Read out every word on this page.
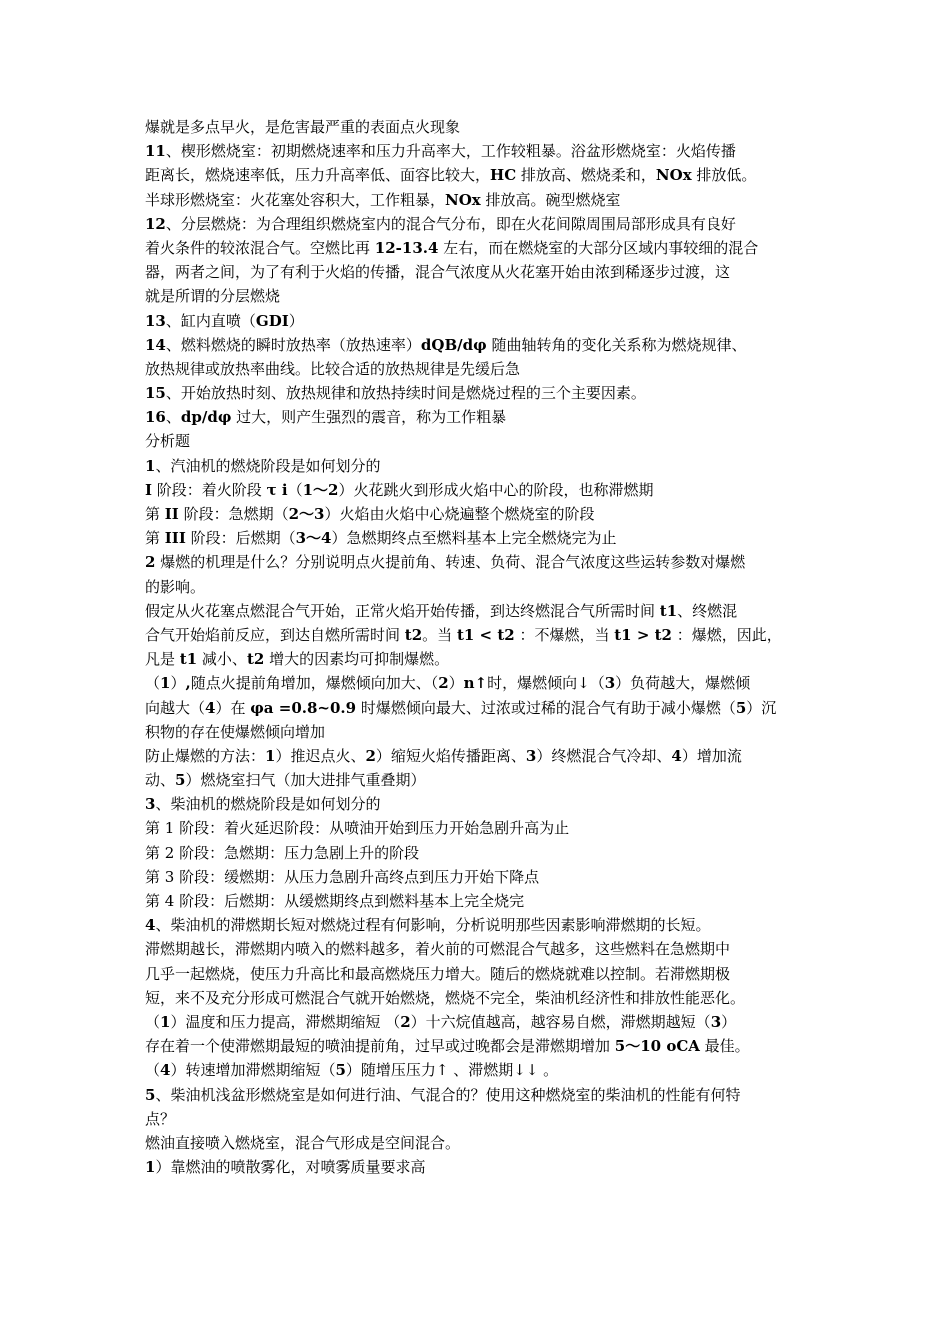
爆就是多点早火，是危害最严重的表面点火现象
11、楔形燃烧室：初期燃烧速率和压力升高率大，工作较粗暴。浴盆形燃烧室：火焰传播
距离长，燃烧速率低，压力升高率低、面容比较大，HC 排放高、燃烧柔和，NOx 排放低。
半球形燃烧室：火花塞处容积大，工作粗暴，NOx 排放高。碗型燃烧室
12、分层燃烧：为合理组织燃烧室内的混合气分布，即在火花间隙周围局部形成具有良好
着火条件的较浓混合气。空燃比再 12-13.4 左右，而在燃烧室的大部分区域内事较细的混合
器，两者之间，为了有利于火焰的传播，混合气浓度从火花塞开始由浓到稀逐步过渡，这
就是所谓的分层燃烧
13、缸内直喷（GDI）
14、燃料燃烧的瞬时放热率（放热速率）dQB/dφ 随曲轴转角的变化关系称为燃烧规律、
放热规律或放热率曲线。比较合适的放热规律是先缓后急
15、开始放热时刻、放热规律和放热持续时间是燃烧过程的三个主要因素。
16、dp/dφ 过大，则产生强烈的震音，称为工作粗暴
分析题
1、汽油机的燃烧阶段是如何划分的
I 阶段：着火阶段 τ i（1～2）火花跳火到形成火焰中心的阶段，也称滞燃期
第 II 阶段：急燃期（2～3）火焰由火焰中心烧遍整个燃烧室的阶段
第 III 阶段：后燃期（3～4）急燃期终点至燃料基本上完全燃烧完为止
2 爆燃的机理是什么？分别说明点火提前角、转速、负荷、混合气浓度这些运转参数对爆燃
的影响。
假定从火花塞点燃混合气开始，正常火焰开始传播，到达终燃混合气所需时间 t1、终燃混
合气开始焰前反应，到达自燃所需时间 t2。当 t1 < t2 ：不爆燃，当 t1 > t2 ：爆燃，因此，
凡是 t1 减小、t2 增大的因素均可抑制爆燃。
（1）,随点火提前角增加，爆燃倾向加大、（2）n↑时，爆燃倾向↓（3）负荷越大，爆燃倾
向越大（4）在 φa =0.8~0.9 时爆燃倾向最大、过浓或过稀的混合气有助于减小爆燃（5）沉
积物的存在使爆燃倾向增加
防止爆燃的方法：1）推迟点火、2）缩短火焰传播距离、3）终燃混合气冷却、4）增加流
动、5）燃烧室扫气（加大进排气重叠期）
3、柴油机的燃烧阶段是如何划分的
第 1 阶段：着火延迟阶段：从喷油开始到压力开始急剧升高为止
第 2 阶段：急燃期：压力急剧上升的阶段
第 3 阶段：缓燃期：从压力急剧升高终点到压力开始下降点
第 4 阶段：后燃期：从缓燃期终点到燃料基本上完全烧完
4、柴油机的滞燃期长短对燃烧过程有何影响，分析说明那些因素影响滞燃期的长短。
滞燃期越长，滞燃期内喷入的燃料越多，着火前的可燃混合气越多，这些燃料在急燃期中
几乎一起燃烧，使压力升高比和最高燃烧压力增大。随后的燃烧就难以控制。若滞燃期极
短，来不及充分形成可燃混合气就开始燃烧，燃烧不完全，柴油机经济性和排放性能恶化。
（1）温度和压力提高，滞燃期缩短 （2）十六烷值越高，越容易自燃，滞燃期越短（3）
存在着一个使滞燃期最短的喷油提前角，过早或过晚都会是滞燃期增加 5～10 oCA 最佳。
（4）转速增加滞燃期缩短（5）随增压压力↑ 、滞燃期↓↓ 。
5、柴油机浅盆形燃烧室是如何进行油、气混合的？使用这种燃烧室的柴油机的性能有何特
点？
燃油直接喷入燃烧室，混合气形成是空间混合。
1）靠燃油的喷散雾化，对喷雾质量要求高
